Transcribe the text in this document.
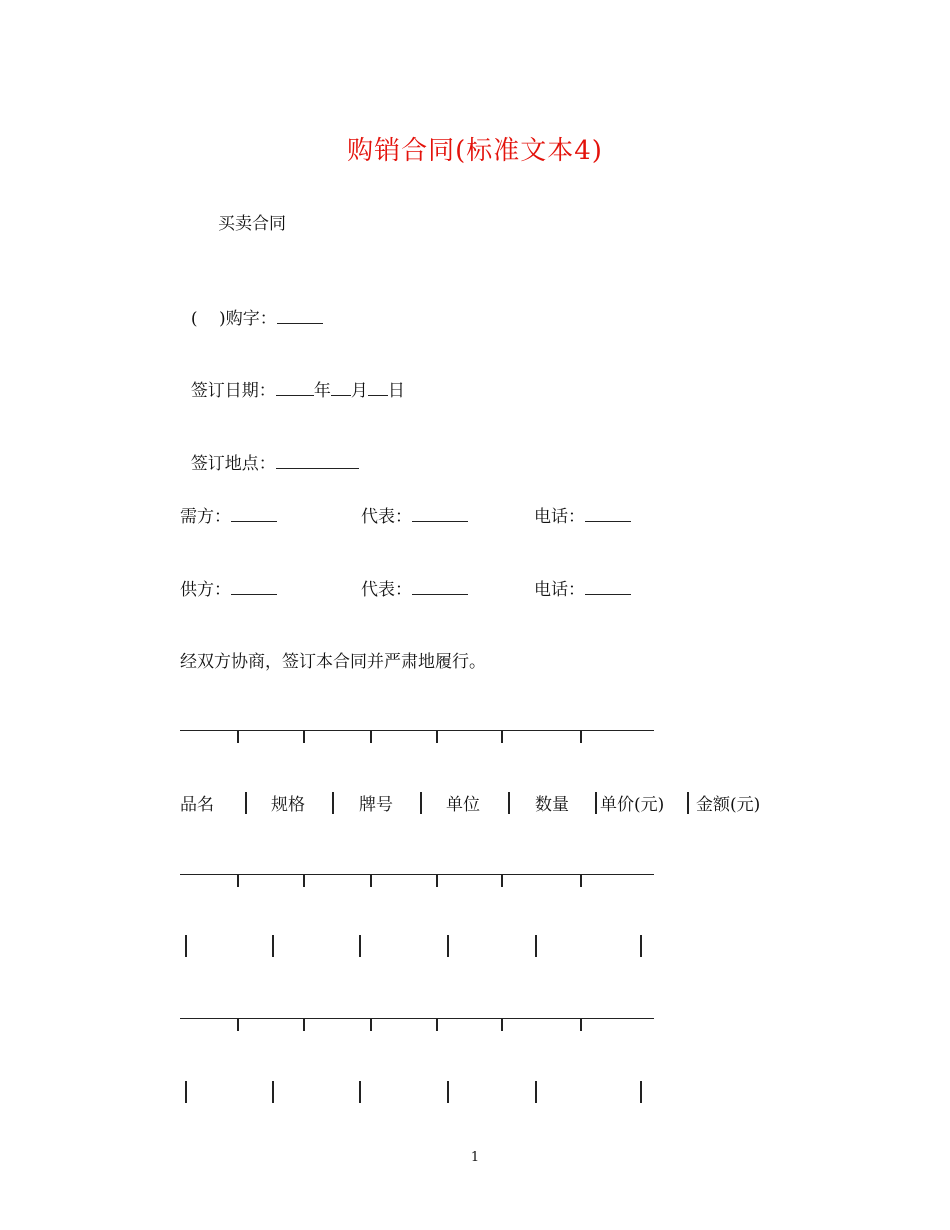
购销合同(标准文本4)
买卖合同

(    )购字：

签订日期： 年 月 日

签订地点：

需方：	代表：	电话：
供方：	代表：	电话：
经双方协商，签订本合同并严肃地履行。
品名	规格	牌号	单位	数量 单价(元) 金额(元)
1
